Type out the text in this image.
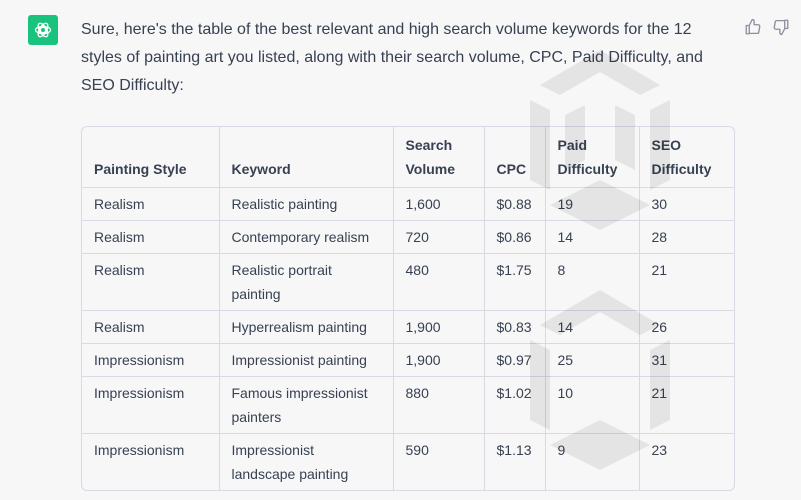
Sure, here's the table of the best relevant and high search volume keywords for the 12 styles of painting art you listed, along with their search volume, CPC, Paid Difficulty, and SEO Difficulty:
Painting Style	Keyword	Search Volume	CPC	Paid Difficulty	SEO Difficulty
Realism	Realistic painting	1,600	$0.88	19	30
Realism	Contemporary realism	720	$0.86	14	28
Realism	Realistic portrait painting	480	$1.75	8	21
Realism	Hyperrealism painting	1,900	$0.83	14	26
Impressionism	Impressionist painting	1,900	$0.97	25	31
Impressionism	Famous impressionist painters	880	$1.02	10	21
Impressionism	Impressionist landscape painting	590	$1.13	9	23
